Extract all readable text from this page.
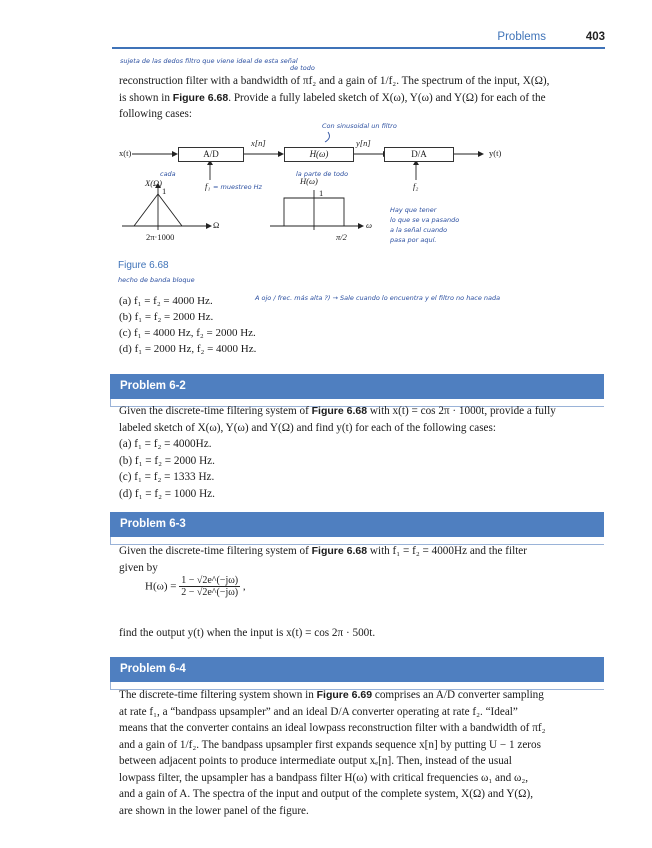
Problems	403
sujeta de las dedos filtro que viene ideal de esta señal
de todo
reconstruction filter with a bandwidth of πf₂ and a gain of 1/f₂. The spectrum of the input, X(Ω),
is shown in Figure 6.68. Provide a fully labeled sketch of X(ω), Y(ω) and Y(Ω) for each of the
following cases:
x(t)	A/D
x[n]
H(ω)
y[n]
D/A	y(t)
X(Ω)	f₁	f₂
H(ω)
1	1
Ω	ω
2π·1000	π/2
Con sinusoidal un filtro
la parte de todo
cada
= muestreo Hz
Hay que tener
lo que se va pasando
a la señal cuando
pasa por aquí.
Figure 6.68
hecho de banda bloque
(a) f₁ = f₂ = 4000 Hz.	A ojo / frec. más alta ?) → Sale cuando lo encuentra y el filtro no hace nada
(b) f₁ = f₂ = 2000 Hz.
(c) f₁ = 4000 Hz, f₂ = 2000 Hz.
(d) f₁ = 2000 Hz, f₂ = 4000 Hz.
Problem 6-2
Given the discrete-time filtering system of Figure 6.68 with x(t) = cos 2π · 1000t, provide a fully
labeled sketch of X(ω), Y(ω) and Y(Ω) and find y(t) for each of the following cases:
(a) f₁ = f₂ = 4000Hz.
(b) f₁ = f₂ = 2000 Hz.
(c) f₁ = f₂ = 1333 Hz.
(d) f₁ = f₂ = 1000 Hz.
Problem 6-3
Given the discrete-time filtering system of Figure 6.68 with f₁ = f₂ = 4000Hz and the filter
given by
$H(\omega) = \frac{1 - √2e\^{}(-j\omega)}{2 - √2e\^{}(-j\omega)}$ ,
find the output y(t) when the input is x(t) = cos 2π · 500t.
Problem 6-4
The discrete-time filtering system shown in Figure 6.69 comprises an A/D converter sampling
at rate f₁, a “bandpass upsampler” and an ideal D/A converter operating at rate f₂. “Ideal”
means that the converter contains an ideal lowpass reconstruction filter with a bandwidth of πf₂
and a gain of 1/f₂. The bandpass upsampler first expands sequence x[n] by putting U − 1 zeros
between adjacent points to produce intermediate output xₑ[n]. Then, instead of the usual
lowpass filter, the upsampler has a bandpass filter H(ω) with critical frequencies ω₁ and ω₂,
and a gain of A. The spectra of the input and output of the complete system, X(Ω) and Y(Ω),
are shown in the lower panel of the figure.
